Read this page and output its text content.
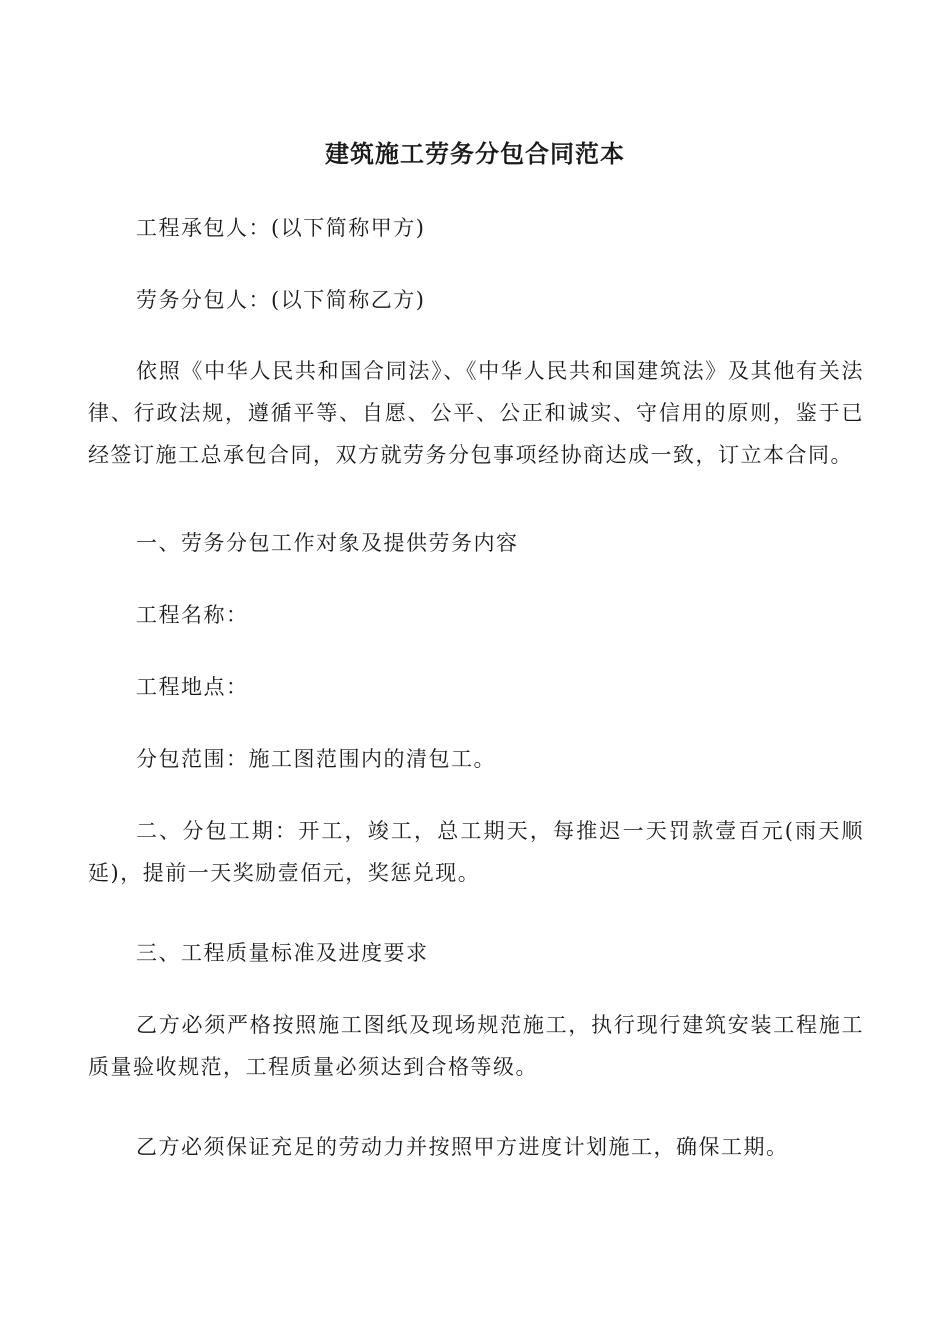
建筑施工劳务分包合同范本

工程承包人：(以下简称甲方)

劳务分包人：(以下简称乙方)

依照《中华人民共和国合同法》、《中华人民共和国建筑法》及其他有关法律、行政法规，遵循平等、自愿、公平、公正和诚实、守信用的原则，鉴于已经签订施工总承包合同，双方就劳务分包事项经协商达成一致，订立本合同。

一、劳务分包工作对象及提供劳务内容

工程名称：

工程地点：

分包范围：施工图范围内的清包工。

二、分包工期：开工，竣工，总工期天，每推迟一天罚款壹百元(雨天顺延)，提前一天奖励壹佰元，奖惩兑现。

三、工程质量标准及进度要求

乙方必须严格按照施工图纸及现场规范施工，执行现行建筑安装工程施工质量验收规范，工程质量必须达到合格等级。

乙方必须保证充足的劳动力并按照甲方进度计划施工，确保工期。
